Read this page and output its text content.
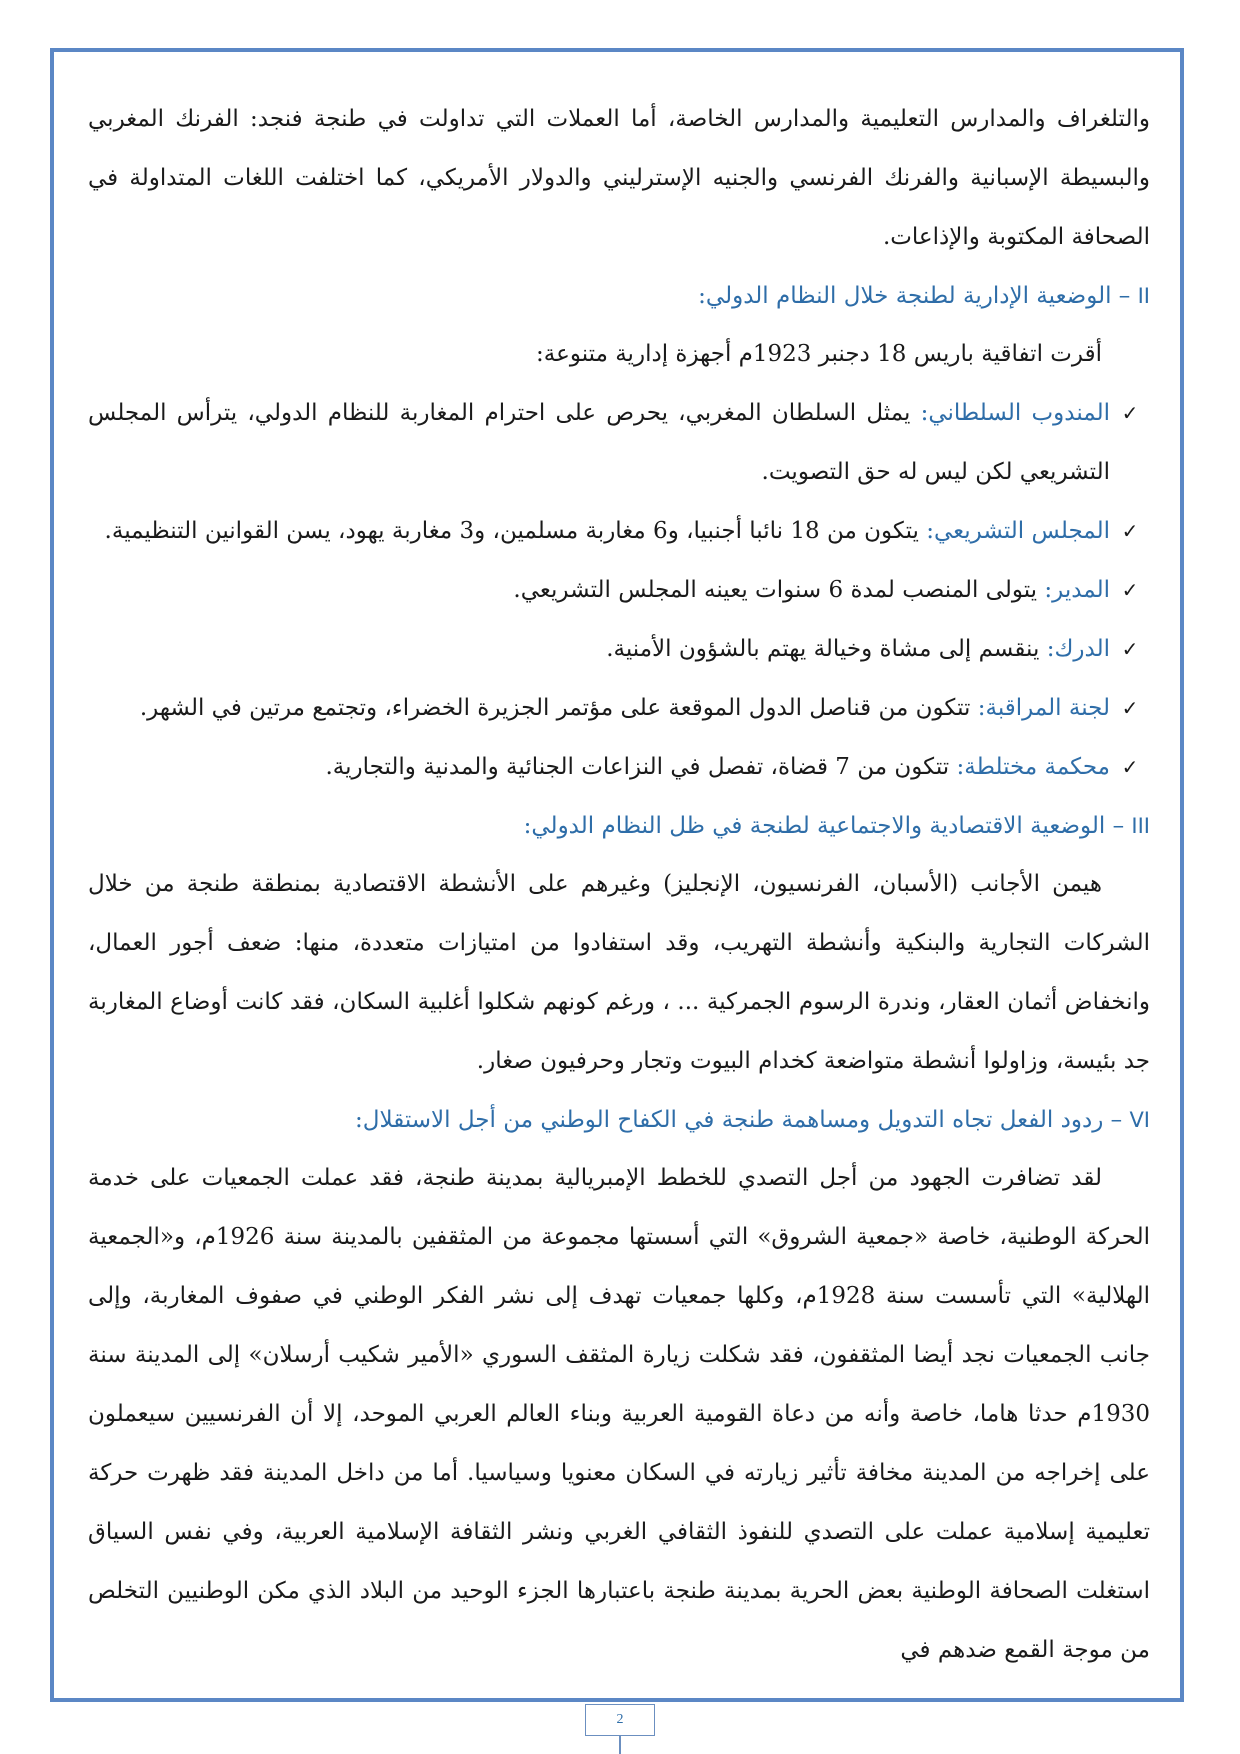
والتلغراف والمدارس التعليمية والمدارس الخاصة، أما العملات التي تداولت في طنجة فنجد: الفرنك المغربي والبسيطة الإسبانية والفرنك الفرنسي والجنيه الإسترليني والدولار الأمريكي، كما اختلفت اللغات المتداولة في الصحافة المكتوبة والإذاعات.

II – الوضعية الإدارية لطنجة خلال النظام الدولي:

أقرت اتفاقية باريس 18 دجنبر 1923م أجهزة إدارية متنوعة:

✓
المندوب السلطاني: يمثل السلطان المغربي، يحرص على احترام المغاربة للنظام الدولي، يترأس المجلس التشريعي لكن ليس له حق التصويت.
✓
المجلس التشريعي: يتكون من 18 نائبا أجنبيا، و6 مغاربة مسلمين، و3 مغاربة يهود، يسن القوانين التنظيمية.
✓
المدير: يتولى المنصب لمدة 6 سنوات يعينه المجلس التشريعي.
✓
الدرك: ينقسم إلى مشاة وخيالة يهتم بالشؤون الأمنية.
✓
لجنة المراقبة: تتكون من قناصل الدول الموقعة على مؤتمر الجزيرة الخضراء، وتجتمع مرتين في الشهر.
✓
محكمة مختلطة: تتكون من 7 قضاة، تفصل في النزاعات الجنائية والمدنية والتجارية.
III – الوضعية الاقتصادية والاجتماعية لطنجة في ظل النظام الدولي:

هيمن الأجانب (الأسبان، الفرنسيون، الإنجليز) وغيرهم على الأنشطة الاقتصادية بمنطقة طنجة من خلال الشركات التجارية والبنكية وأنشطة التهريب، وقد استفادوا من امتيازات متعددة، منها: ضعف أجور العمال، وانخفاض أثمان العقار، وندرة الرسوم الجمركية ... ، ورغم كونهم شكلوا أغلبية السكان، فقد كانت أوضاع المغاربة جد بئيسة، وزاولوا أنشطة متواضعة كخدام البيوت وتجار وحرفيون صغار.

VI – ردود الفعل تجاه التدويل ومساهمة طنجة في الكفاح الوطني من أجل الاستقلال:

لقد تضافرت الجهود من أجل التصدي للخطط الإمبريالية بمدينة طنجة، فقد عملت الجمعيات على خدمة الحركة الوطنية، خاصة «جمعية الشروق» التي أسستها مجموعة من المثقفين بالمدينة سنة 1926م، و«الجمعية الهلالية» التي تأسست سنة 1928م، وكلها جمعيات تهدف إلى نشر الفكر الوطني في صفوف المغاربة، وإلى جانب الجمعيات نجد أيضا المثقفون، فقد شكلت زيارة المثقف السوري «الأمير شكيب أرسلان» إلى المدينة سنة 1930م حدثا هاما، خاصة وأنه من دعاة القومية العربية وبناء العالم العربي الموحد، إلا أن الفرنسيين سيعملون على إخراجه من المدينة مخافة تأثير زيارته في السكان معنويا وسياسيا. أما من داخل المدينة فقد ظهرت حركة تعليمية إسلامية عملت على التصدي للنفوذ الثقافي الغربي ونشر الثقافة الإسلامية العربية، وفي نفس السياق استغلت الصحافة الوطنية بعض الحرية بمدينة طنجة باعتبارها الجزء الوحيد من البلاد الذي مكن الوطنيين التخلص من موجة القمع ضدهم في

2
